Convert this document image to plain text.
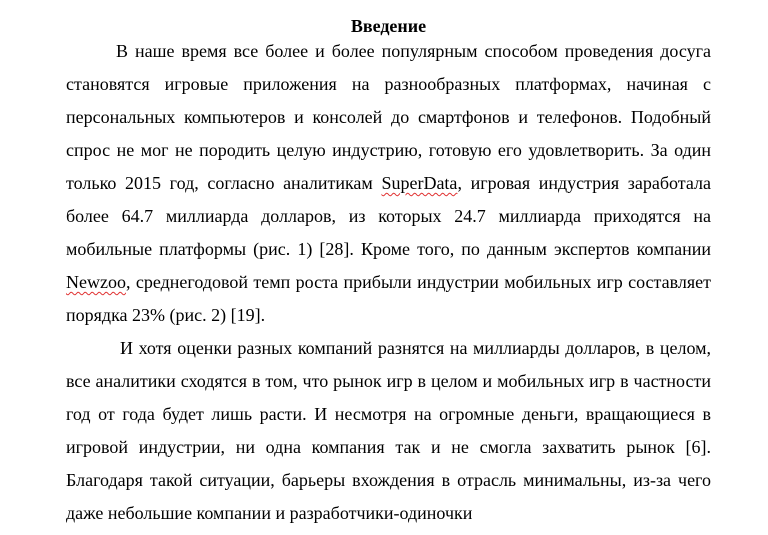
Введение

В наше время все более и более популярным способом проведения досуга становятся игровые приложения на разнообразных платформах, начиная с персональных компьютеров и консолей до смартфонов и телефонов. Подобный спрос не мог не породить целую индустрию, готовую его удовлетворить. За один только 2015 год, согласно аналитикам SuperData, игровая индустрия заработала более 64.7 миллиарда долларов, из которых 24.7 миллиарда приходятся на мобильные платформы (рис. 1) [28]. Кроме того, по данным экспертов компании Newzoo, среднегодовой темп роста прибыли индустрии мобильных игр составляет порядка 23% (рис. 2) [19].

И хотя оценки разных компаний разнятся на миллиарды долларов, в целом, все аналитики сходятся в том, что рынок игр в целом и мобильных игр в частности год от года будет лишь расти. И несмотря на огромные деньги, вращающиеся в игровой индустрии, ни одна компания так и не смогла захватить рынок [6]. Благодаря такой ситуации, барьеры вхождения в отрасль минимальны, из-за чего даже небольшие компании и разработчики-одиночки
